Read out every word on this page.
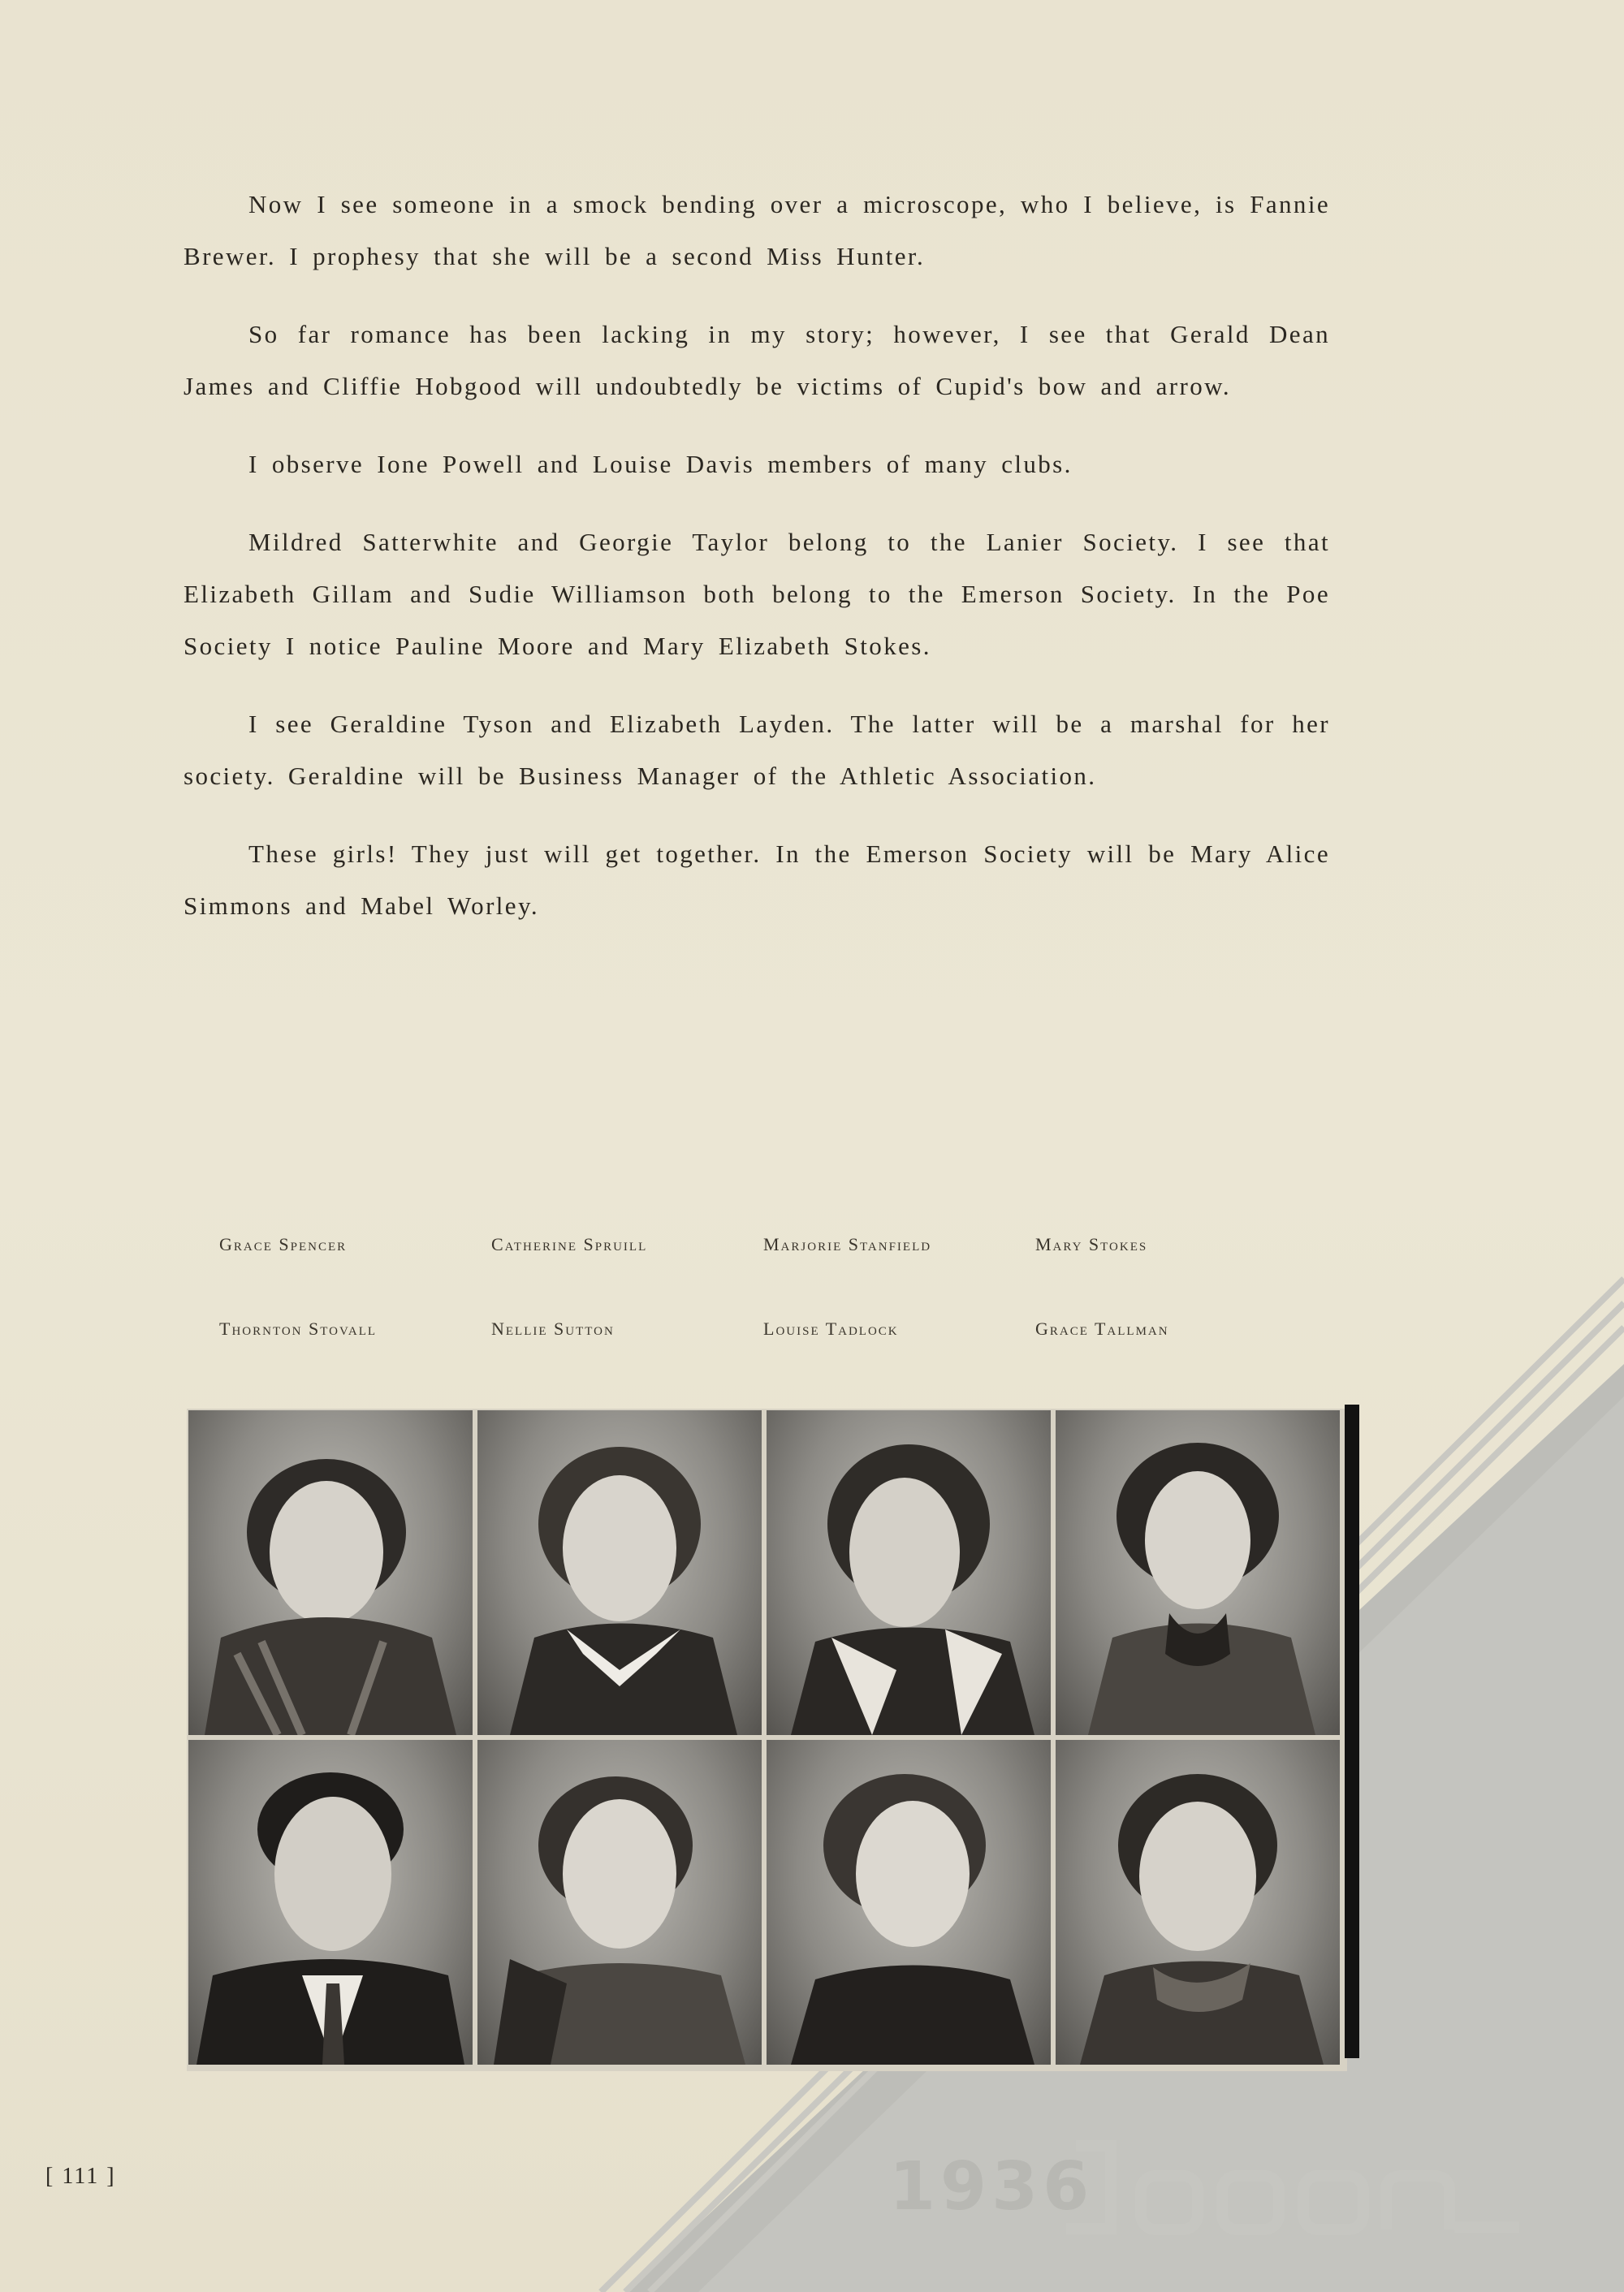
Now I see someone in a smock bending over a microscope, who I believe, is Fannie Brewer. I prophesy that she will be a second Miss Hunter.

So far romance has been lacking in my story; however, I see that Gerald Dean James and Cliffie Hobgood will undoubtedly be victims of Cupid's bow and arrow.

I observe Ione Powell and Louise Davis members of many clubs.

Mildred Satterwhite and Georgie Taylor belong to the Lanier Society. I see that Elizabeth Gillam and Sudie Williamson both belong to the Emerson Society. In the Poe Society I notice Pauline Moore and Mary Elizabeth Stokes.

I see Geraldine Tyson and Elizabeth Layden. The latter will be a marshal for her society. Geraldine will be Business Manager of the Athletic Association.

These girls! They just will get together. In the Emerson Society will be Mary Alice Simmons and Mabel Worley.

Grace Spencer	Catherine Spruill	Marjorie Stanfield	Mary Stokes
Thornton Stovall	Nellie Sutton	Louise Tadlock	Grace Tallman
[ 111 ]	1936
